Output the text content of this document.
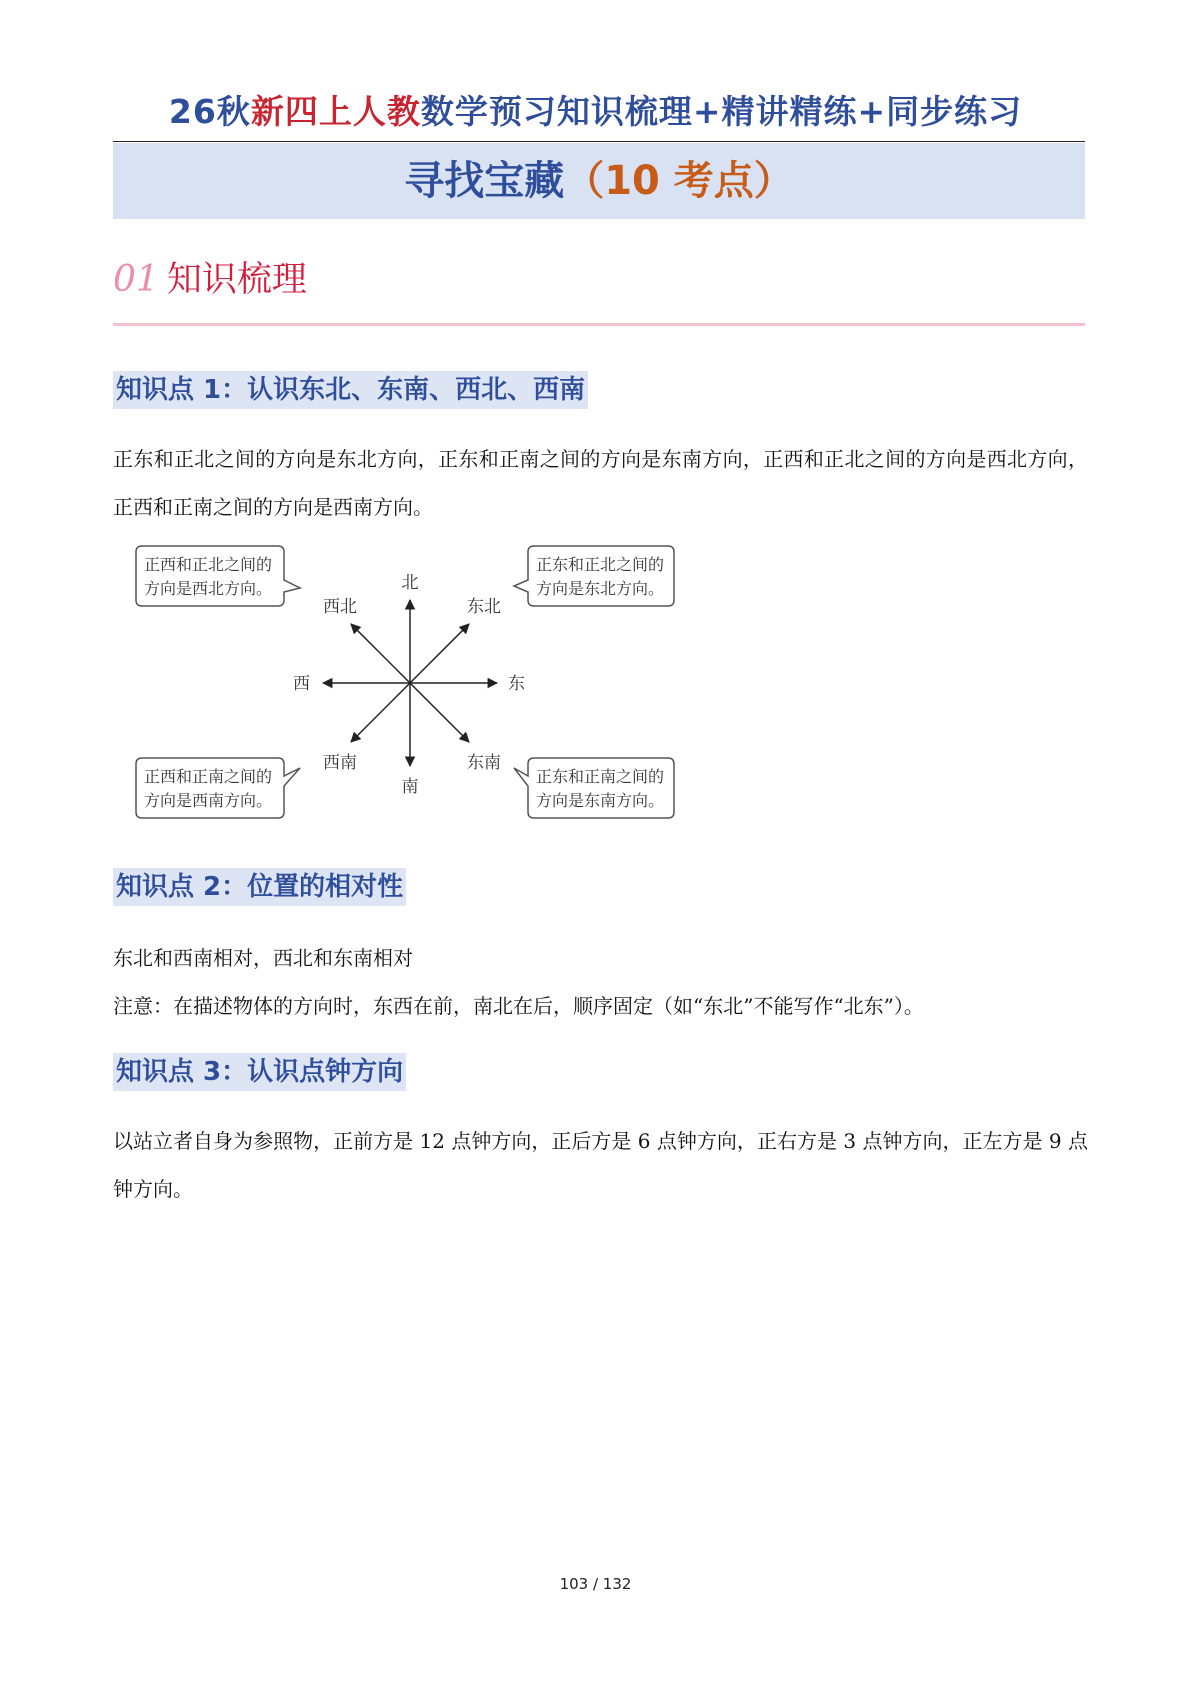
26秋新四上人教数学预习知识梳理+精讲精练+同步练习
寻找宝藏（10 考点）
01 知识梳理
知识点 1：认识东北、东南、西北、西南
正东和正北之间的方向是东北方向，正东和正南之间的方向是东南方向，正西和正北之间的方向是西北方向，正西和正南之间的方向是西南方向。
北
南
东
西
东北
西北
东南
西南
正西和正北之间的
方向是西北方向。
正东和正北之间的
方向是东北方向。
正西和正南之间的
方向是西南方向。
正东和正南之间的
方向是东南方向。
知识点 2：位置的相对性
东北和西南相对，西北和东南相对
注意：在描述物体的方向时，东西在前，南北在后，顺序固定（如“东北”不能写作“北东”）。
知识点 3：认识点钟方向
以站立者自身为参照物，正前方是 12 点钟方向，正后方是 6 点钟方向，正右方是 3 点钟方向，正左方是 9 点钟方向。
103 / 132
